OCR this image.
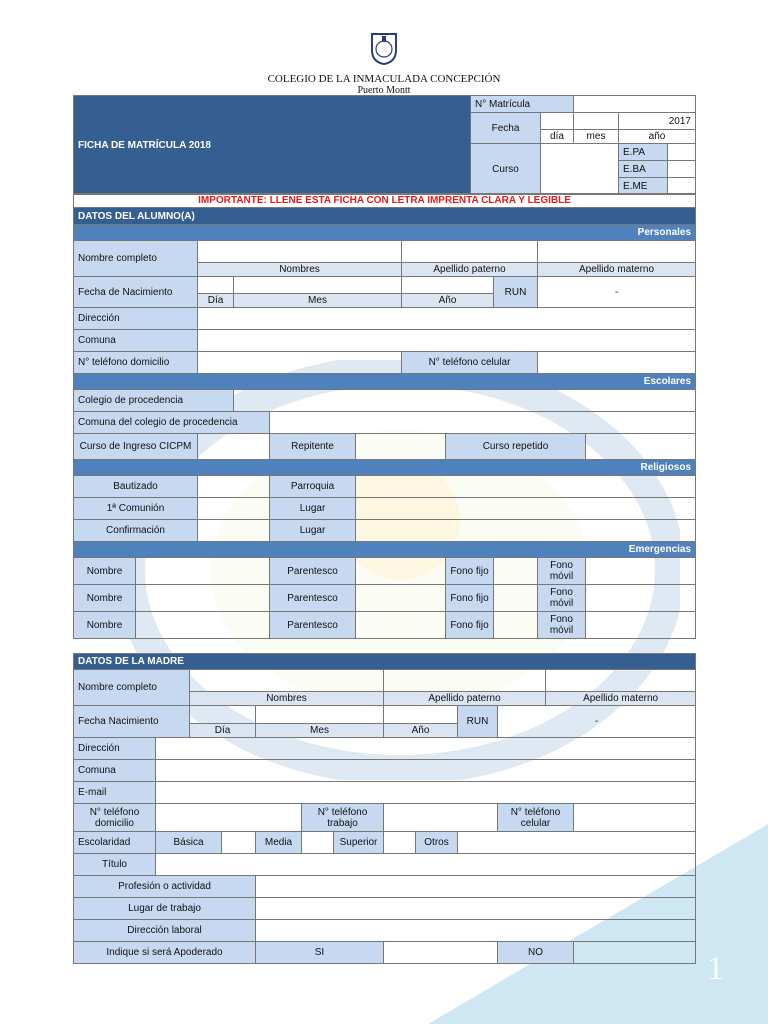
1
COLEGIO DE LA INMACULADA CONCEPCIÓN
Puerto Montt
FICHA DE MATRÍCULA 2018	N° Matrícula				
	Fecha			2017	
		día	mes	año	
	Curso			E.PA	
				E.BA	
				E.ME	
IMPORTANTE: LLENE ESTA FICHA CON LETRA IMPRENTA CLARA Y LEGIBLE										
DATOS DEL ALUMNO(A)										
Personales										
Nombre completo										
		Nombres				Apellido paterno			Apellido materno	
Fecha de Nacimiento								RUN	-	
		Día	Mes			Año				
Dirección										
Comuna										
N° teléfono domicilio						N° teléfono celular				
Escolares										
Colegio de procedencia										
Comuna del colegio de procedencia										
Curso de Ingreso CICPM				Repitente			Curso repetido			
Religiosos										
Bautizado				Parroquia						
1ª Comunión				Lugar						
Confirmación				Lugar						
Emergencias										
Nombre				Parentesco			Fono fijo		Fono móvil	
Nombre				Parentesco			Fono fijo		Fono móvil	
Nombre				Parentesco			Fono fijo		Fono móvil	
DATOS DE LA MADRE												
Nombre completo												
		Nombres					Apellido paterno				Apellido materno	
Fecha Nacimiento									RUN	-		
		Día		Mes			Año					
Dirección												
Comuna												
E-mail												
N° teléfono domicilio					N° teléfono trabajo					N° teléfono celular		
Escolaridad	Básica			Media		Superior		Otros				
Título												
Profesión o actividad												
Lugar de trabajo												
Dirección laboral												
Indique si será Apoderado				SI						NO		
